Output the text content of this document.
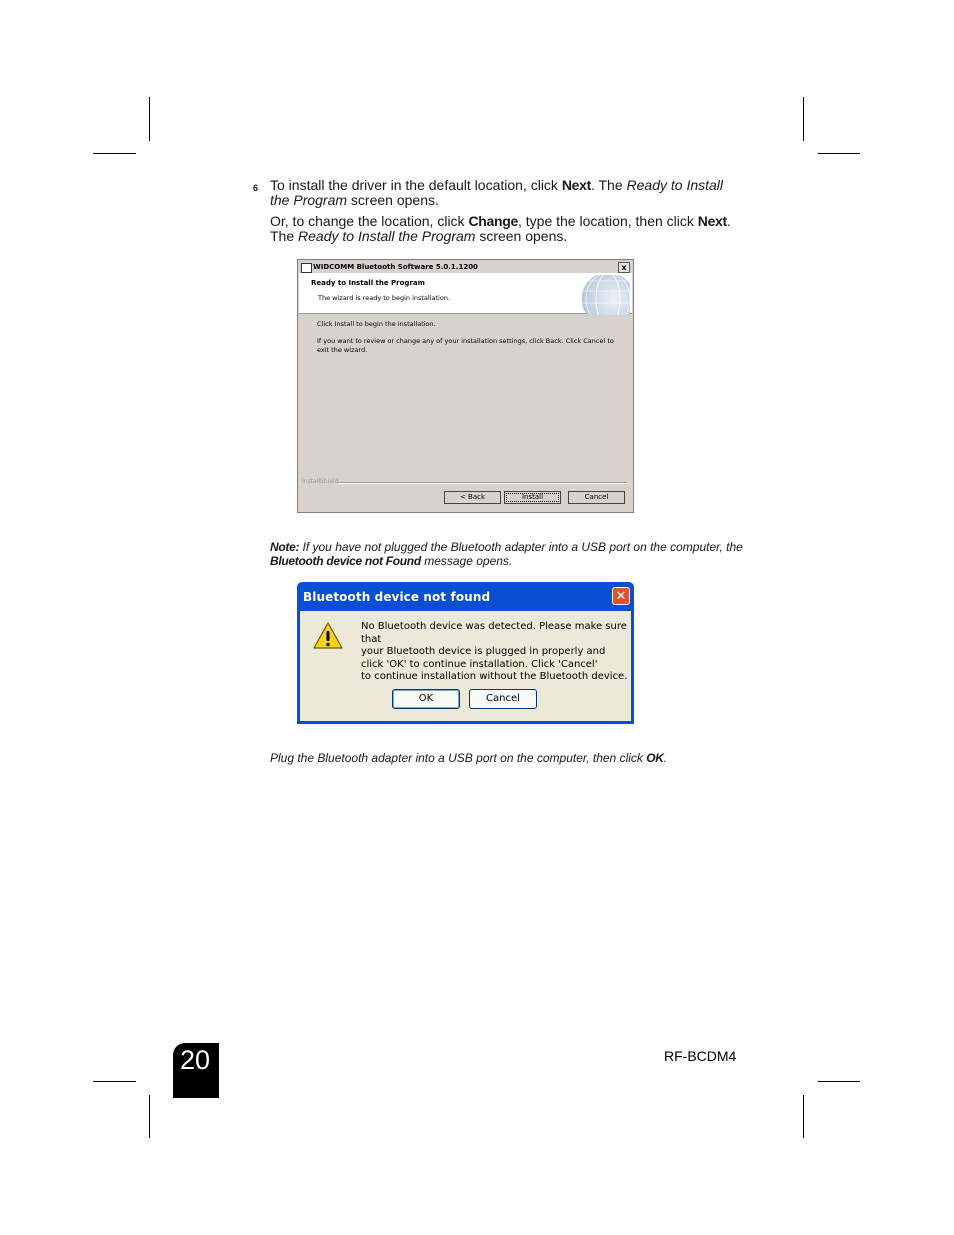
6 To install the driver in the default location, click Next. The Ready to Install the Program screen opens.

Or, to change the location, click Change, type the location, then click Next. The Ready to Install the Program screen opens.

WIDCOMM Bluetooth Software 5.0.1.1200	x
Ready to Install the Program
The wizard is ready to begin installation.

Click Install to begin the installation.

If you want to review or change any of your installation settings, click Back. Click Cancel to exit the wizard.

InstallShield
< Back	Install	Cancel
Note: If you have not plugged the Bluetooth adapter into a USB port on the computer, the Bluetooth device not Found message opens.
Bluetooth device not found	✕
No Bluetooth device was detected. Please make sure that
your Bluetooth device is plugged in properly and
click 'OK' to continue installation. Click 'Cancel'
to continue installation without the Bluetooth device.
OK	Cancel
Plug the Bluetooth adapter into a USB port on the computer, then click OK.
20	RF-BCDM4
